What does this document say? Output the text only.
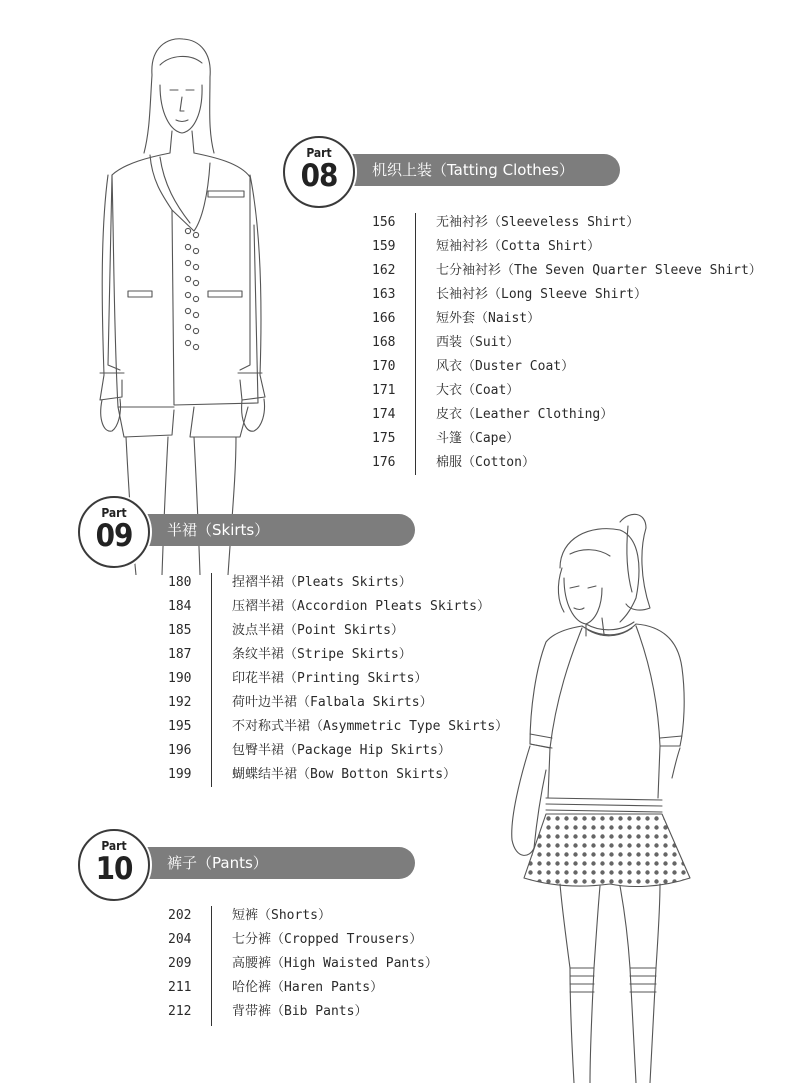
Part
08	机织上装（Tatting Clothes）
156	无袖衬衫（Sleeveless Shirt）
159	短袖衬衫（Cotta Shirt）
162	七分袖衬衫（The Seven Quarter Sleeve Shirt）
163	长袖衬衫（Long Sleeve Shirt）
166	短外套（Naist）
168	西装（Suit）
170	风衣（Duster Coat）
171	大衣（Coat）
174	皮衣（Leather Clothing）
175	斗篷（Cape）
176	棉服（Cotton）
Part
09	半裙（Skirts）
180	捏褶半裙（Pleats Skirts）
184	压褶半裙（Accordion Pleats Skirts）
185	波点半裙（Point Skirts）
187	条纹半裙（Stripe Skirts）
190	印花半裙（Printing Skirts）
192	荷叶边半裙（Falbala Skirts）
195	不对称式半裙（Asymmetric Type Skirts）
196	包臀半裙（Package Hip Skirts）
199	蝴蝶结半裙（Bow Botton Skirts）
Part
10	裤子（Pants）
202	短裤（Shorts）
204	七分裤（Cropped Trousers）
209	高腰裤（High Waisted Pants）
211	哈伦裤（Haren Pants）
212	背带裤（Bib Pants）
